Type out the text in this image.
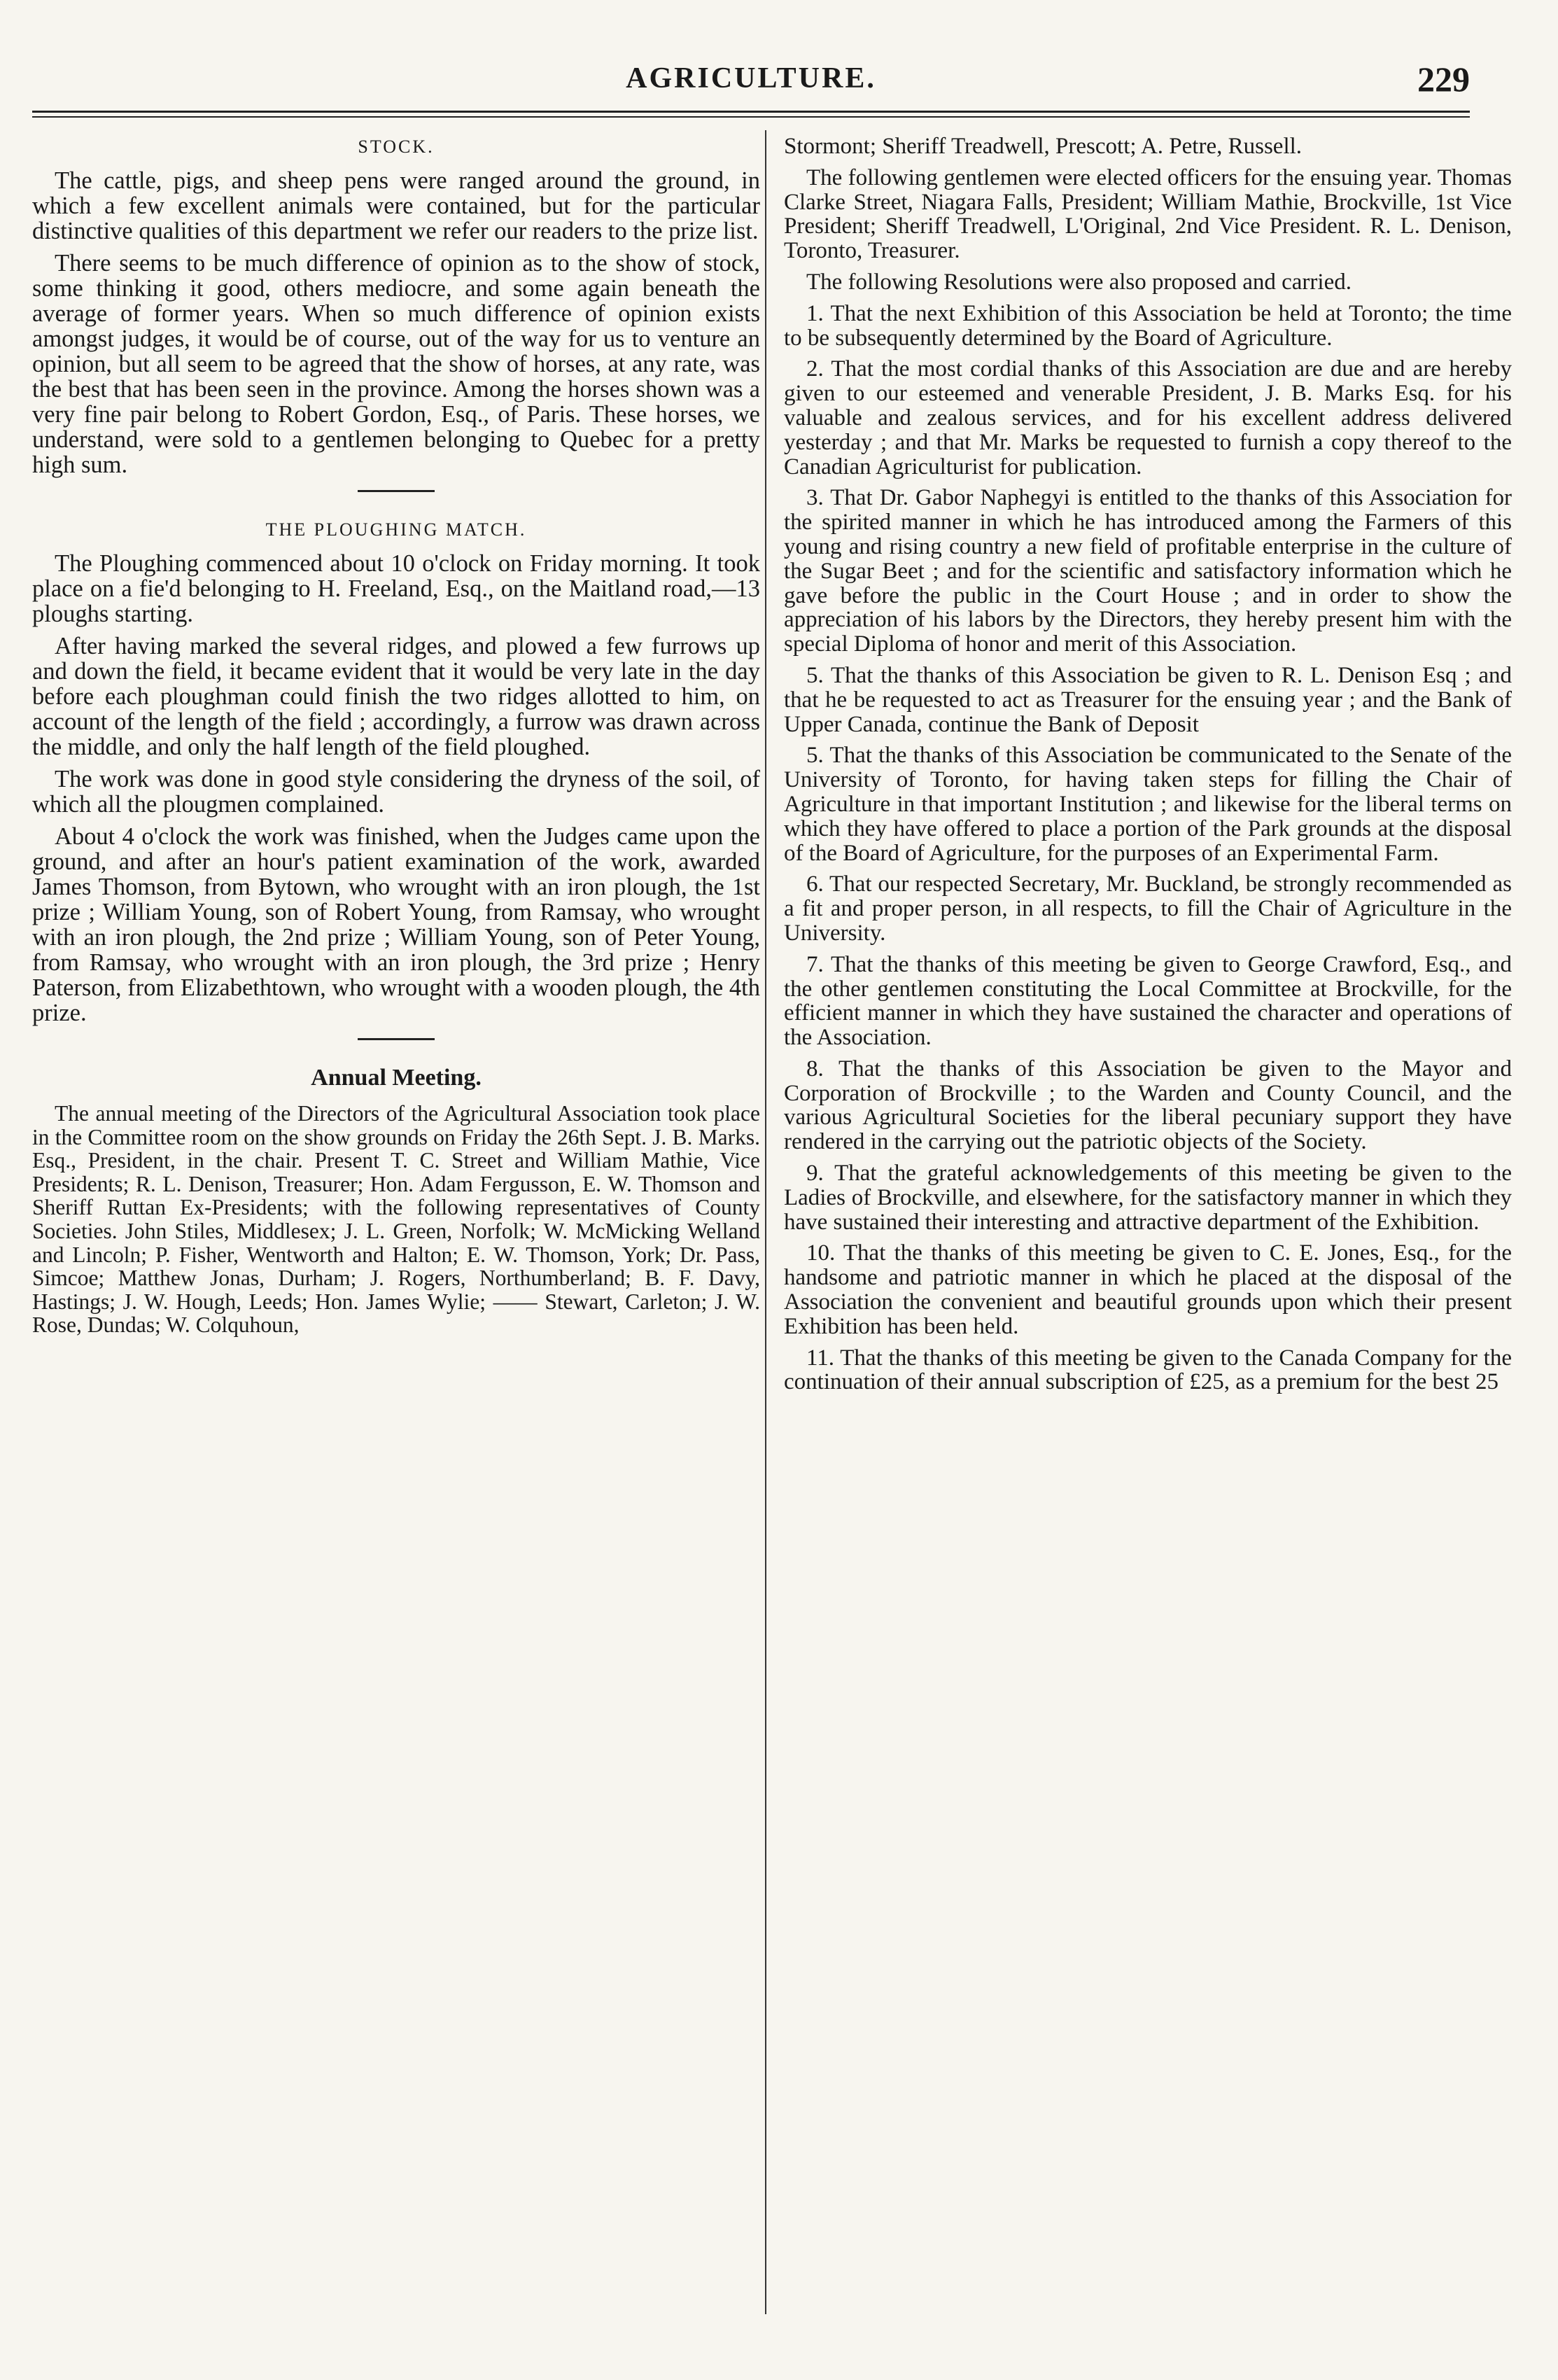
AGRICULTURE.	229
STOCK.

The cattle, pigs, and sheep pens were ranged around the ground, in which a few excellent animals were contained, but for the particular distinctive qualities of this department we refer our readers to the prize list.

There seems to be much difference of opinion as to the show of stock, some thinking it good, others mediocre, and some again beneath the average of former years. When so much difference of opinion exists amongst judges, it would be of course, out of the way for us to venture an opinion, but all seem to be agreed that the show of horses, at any rate, was the best that has been seen in the province. Among the horses shown was a very fine pair belong to Robert Gordon, Esq., of Paris. These horses, we understand, were sold to a gentlemen belonging to Quebec for a pretty high sum.

THE PLOUGHING MATCH.

The Ploughing commenced about 10 o'clock on Friday morning. It took place on a fie'd belonging to H. Freeland, Esq., on the Maitland road,—13 ploughs starting.

After having marked the several ridges, and plowed a few furrows up and down the field, it became evident that it would be very late in the day before each ploughman could finish the two ridges allotted to him, on account of the length of the field ; accordingly, a furrow was drawn across the middle, and only the half length of the field ploughed.

The work was done in good style considering the dryness of the soil, of which all the plougmen complained.

About 4 o'clock the work was finished, when the Judges came upon the ground, and after an hour's patient examination of the work, awarded James Thomson, from Bytown, who wrought with an iron plough, the 1st prize ; William Young, son of Robert Young, from Ramsay, who wrought with an iron plough, the 2nd prize ; William Young, son of Peter Young, from Ramsay, who wrought with an iron plough, the 3rd prize ; Henry Paterson, from Elizabethtown, who wrought with a wooden plough, the 4th prize.

Annual Meeting.

The annual meeting of the Directors of the Agricultural Association took place in the Committee room on the show grounds on Friday the 26th Sept. J. B. Marks. Esq., President, in the chair. Present T. C. Street and William Mathie, Vice Presidents; R. L. Denison, Treasurer; Hon. Adam Fergusson, E. W. Thomson and Sheriff Ruttan Ex-Presidents; with the following representatives of County Societies. John Stiles, Middlesex; J. L. Green, Norfolk; W. McMicking Welland and Lincoln; P. Fisher, Wentworth and Halton; E. W. Thomson, York; Dr. Pass, Simcoe; Matthew Jonas, Durham; J. Rogers, Northumberland; B. F. Davy, Hastings; J. W. Hough, Leeds; Hon. James Wylie; —— Stewart, Carleton; J. W. Rose, Dundas; W. Colquhoun,

Stormont; Sheriff Treadwell, Prescott; A. Petre, Russell.

The following gentlemen were elected officers for the ensuing year. Thomas Clarke Street, Niagara Falls, President; William Mathie, Brockville, 1st Vice President; Sheriff Treadwell, L'Original, 2nd Vice President. R. L. Denison, Toronto, Treasurer.

The following Resolutions were also proposed and carried.

1. That the next Exhibition of this Association be held at Toronto; the time to be subsequently determined by the Board of Agriculture.

2. That the most cordial thanks of this Association are due and are hereby given to our esteemed and venerable President, J. B. Marks Esq. for his valuable and zealous services, and for his excellent address delivered yesterday ; and that Mr. Marks be requested to furnish a copy thereof to the Canadian Agriculturist for publication.

3. That Dr. Gabor Naphegyi is entitled to the thanks of this Association for the spirited manner in which he has introduced among the Farmers of this young and rising country a new field of profitable enterprise in the culture of the Sugar Beet ; and for the scientific and satisfactory information which he gave before the public in the Court House ; and in order to show the appreciation of his labors by the Directors, they hereby present him with the special Diploma of honor and merit of this Association.

5. That the thanks of this Association be given to R. L. Denison Esq ; and that he be requested to act as Treasurer for the ensuing year ; and the Bank of Upper Canada, continue the Bank of Deposit

5. That the thanks of this Association be communicated to the Senate of the University of Toronto, for having taken steps for filling the Chair of Agriculture in that important Institution ; and likewise for the liberal terms on which they have offered to place a portion of the Park grounds at the disposal of the Board of Agriculture, for the purposes of an Experimental Farm.

6. That our respected Secretary, Mr. Buckland, be strongly recommended as a fit and proper person, in all respects, to fill the Chair of Agriculture in the University.

7. That the thanks of this meeting be given to George Crawford, Esq., and the other gentlemen constituting the Local Committee at Brockville, for the efficient manner in which they have sustained the character and operations of the Association.

8. That the thanks of this Association be given to the Mayor and Corporation of Brockville ; to the Warden and County Council, and the various Agricultural Societies for the liberal pecuniary support they have rendered in the carrying out the patriotic objects of the Society.

9. That the grateful acknowledgements of this meeting be given to the Ladies of Brockville, and elsewhere, for the satisfactory manner in which they have sustained their interesting and attractive department of the Exhibition.

10. That the thanks of this meeting be given to C. E. Jones, Esq., for the handsome and patriotic manner in which he placed at the disposal of the Association the convenient and beautiful grounds upon which their present Exhibition has been held.

11. That the thanks of this meeting be given to the Canada Company for the continuation of their annual subscription of £25, as a premium for the best 25
